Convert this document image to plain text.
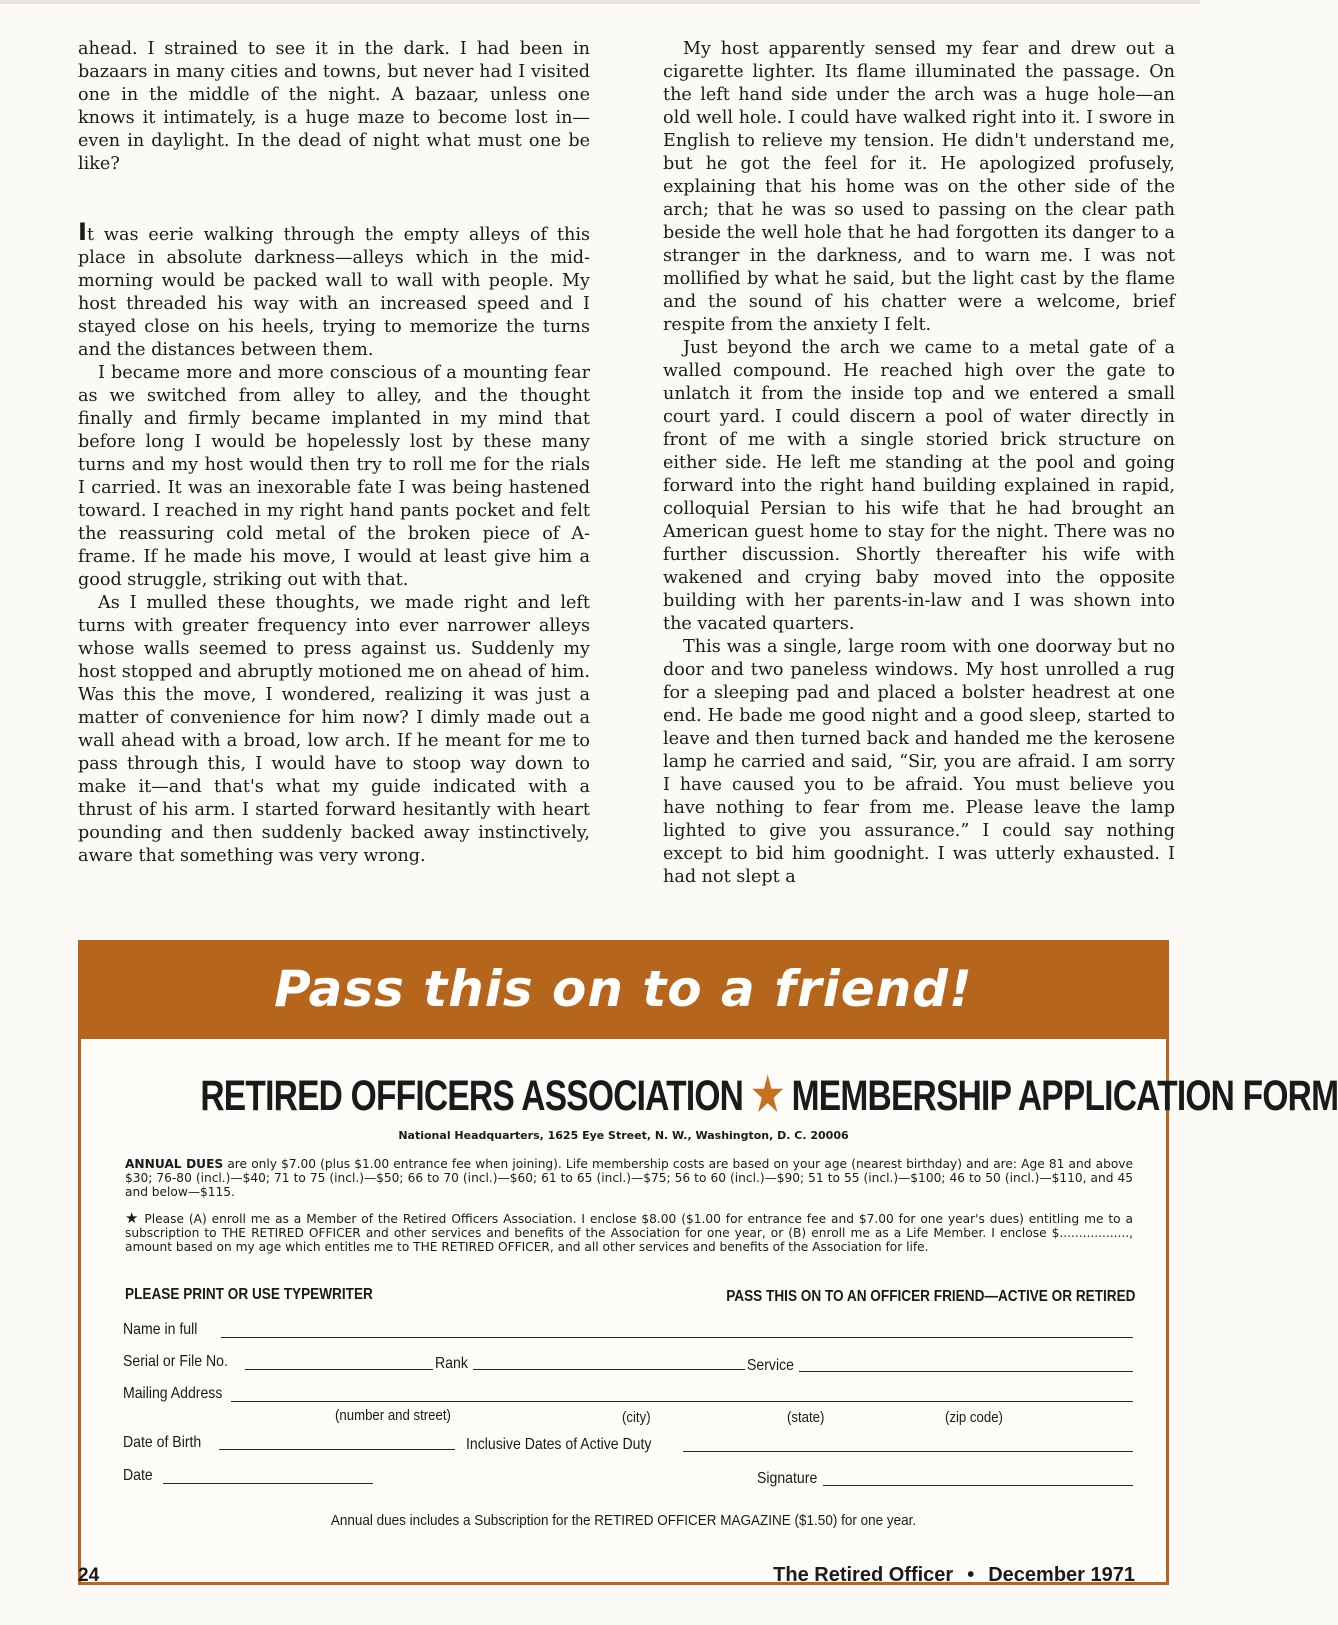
ahead. I strained to see it in the dark. I had been in bazaars in many cities and towns, but never had I visited one in the middle of the night. A bazaar, unless one knows it intimately, is a huge maze to become lost in—even in daylight. In the dead of night what must one be like?

It was eerie walking through the empty alleys of this place in absolute darkness—alleys which in the mid-morning would be packed wall to wall with people. My host threaded his way with an increased speed and I stayed close on his heels, trying to memorize the turns and the distances between them.

I became more and more conscious of a mounting fear as we switched from alley to alley, and the thought finally and firmly became implanted in my mind that before long I would be hopelessly lost by these many turns and my host would then try to roll me for the rials I carried. It was an inexorable fate I was being hastened toward. I reached in my right hand pants pocket and felt the reassuring cold metal of the broken piece of A-frame. If he made his move, I would at least give him a good struggle, striking out with that.

As I mulled these thoughts, we made right and left turns with greater frequency into ever narrower alleys whose walls seemed to press against us. Suddenly my host stopped and abruptly motioned me on ahead of him. Was this the move, I wondered, realizing it was just a matter of convenience for him now? I dimly made out a wall ahead with a broad, low arch. If he meant for me to pass through this, I would have to stoop way down to make it—and that's what my guide indicated with a thrust of his arm. I started forward hesitantly with heart pounding and then suddenly backed away instinctively, aware that something was very wrong.

My host apparently sensed my fear and drew out a cigarette lighter. Its flame illuminated the passage. On the left hand side under the arch was a huge hole—an old well hole. I could have walked right into it. I swore in English to relieve my tension. He didn't understand me, but he got the feel for it. He apologized profusely, explaining that his home was on the other side of the arch; that he was so used to passing on the clear path beside the well hole that he had forgotten its danger to a stranger in the darkness, and to warn me. I was not mollified by what he said, but the light cast by the flame and the sound of his chatter were a welcome, brief respite from the anxiety I felt.

Just beyond the arch we came to a metal gate of a walled compound. He reached high over the gate to unlatch it from the inside top and we entered a small court yard. I could discern a pool of water directly in front of me with a single storied brick structure on either side. He left me standing at the pool and going forward into the right hand building explained in rapid, colloquial Persian to his wife that he had brought an American guest home to stay for the night. There was no further discussion. Shortly thereafter his wife with wakened and crying baby moved into the opposite building with her parents-in-law and I was shown into the vacated quarters.

This was a single, large room with one doorway but no door and two paneless windows. My host unrolled a rug for a sleeping pad and placed a bolster headrest at one end. He bade me good night and a good sleep, started to leave and then turned back and handed me the kerosene lamp he carried and said, “Sir, you are afraid. I am sorry I have caused you to be afraid. You must believe you have nothing to fear from me. Please leave the lamp lighted to give you assurance.” I could say nothing except to bid him goodnight. I was utterly exhausted. I had not slept a

Pass this on to a friend!
RETIRED OFFICERS ASSOCIATION ★ MEMBERSHIP APPLICATION FORM
National Headquarters, 1625 Eye Street, N. W., Washington, D. C. 20006
ANNUAL DUES are only $7.00 (plus $1.00 entrance fee when joining). Life membership costs are based on your age (nearest birthday) and are: Age 81 and above $30; 76-80 (incl.)—$40; 71 to 75 (incl.)—$50; 66 to 70 (incl.)—$60; 61 to 65 (incl.)—$75; 56 to 60 (incl.)—$90; 51 to 55 (incl.)—$100; 46 to 50 (incl.)—$110, and 45 and below—$115.
★ Please (A) enroll me as a Member of the Retired Officers Association. I enclose $8.00 ($1.00 for entrance fee and $7.00 for one year's dues) entitling me to a subscription to THE RETIRED OFFICER and other services and benefits of the Association for one year, or (B) enroll me as a Life Member. I enclose $.................., amount based on my age which entitles me to THE RETIRED OFFICER, and all other services and benefits of the Association for life.
PLEASE PRINT OR USE TYPEWRITER	PASS THIS ON TO AN OFFICER FRIEND—ACTIVE OR RETIRED
Name in full
Serial or File No.	Rank	Service
Mailing Address
(number and street)	(city)	(state)	(zip code)
Date of Birth	Inclusive Dates of Active Duty
Date	Signature
Annual dues includes a Subscription for the RETIRED OFFICER MAGAZINE ($1.50) for one year.
24	The Retired Officer • December 1971
